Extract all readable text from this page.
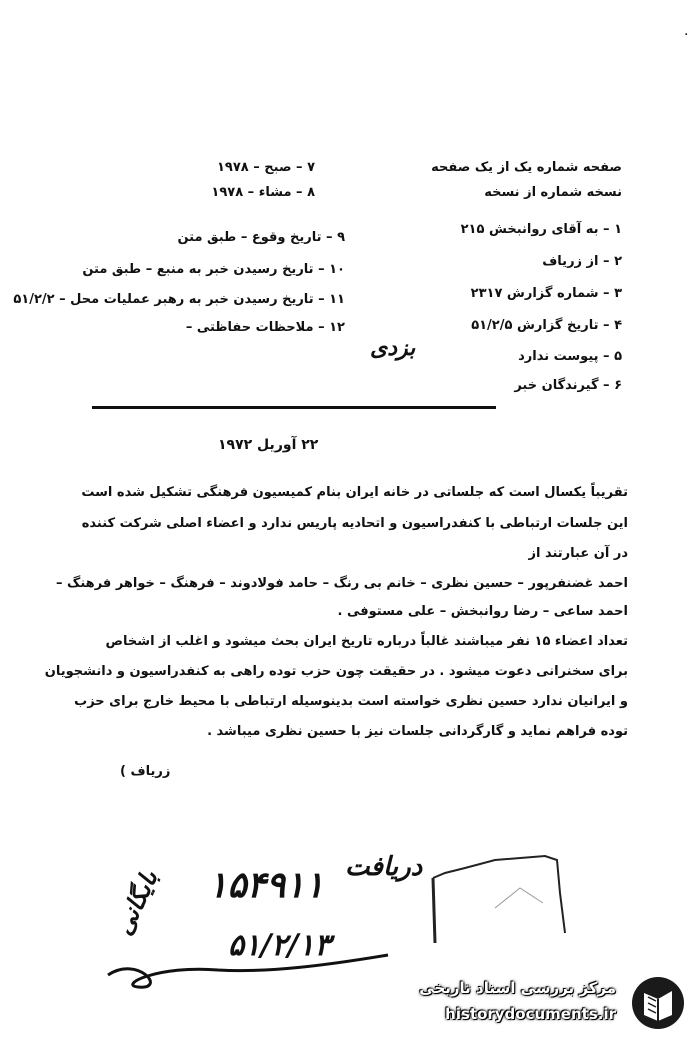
٠
صفحه شماره یک از یک صفحه
نسخه شماره از نسخه
۷ – صبح – ۱۹۷۸
۸ – مشاء – ۱۹۷۸
۱ – به آقای روانبخش ۲۱۵
۲ – از زریاف
۳ – شماره گزارش ۲۳۱۷
۴ – تاریخ گزارش ۵۱/۲/۵
۵ – پیوست ندارد
۶ – گیرندگان خبر
۹ – تاریخ وقوع – طبق متن
۱۰ – تاریخ رسیدن خبر به منبع – طبق متن
۱۱ – تاریخ رسیدن خبر به رهبر عملیات محل – ۵۱/۲/۲
۱۲ – ملاحظات حفاظتی –
بزدی
۲۲ آوریل ۱۹۷۲
تقریباً یکسال است که جلساتی در خانه ایران بنام کمیسیون فرهنگی تشکیل شده است
این جلسات ارتباطی با کنفدراسیون و اتحادیه پاریس ندارد و اعضاء اصلی شرکت کننده
در آن عبارتند از
احمد غضنفرپور – حسین نظری – خانم بی رنگ – حامد فولادوند – فرهنگ – خواهر فرهنگ –
احمد ساعی – رضا روانبخش – علی مستوفی .
تعداد اعضاء ۱۵ نفر میباشند غالباً درباره تاریخ ایران بحث میشود و اغلب از اشخاص
برای سخنرانی دعوت میشود . در حقیقت چون حزب توده راهی به کنفدراسیون و دانشجویان
و ایرانیان ندارد حسین نظری خواسته است بدینوسیله ارتباطی با محیط خارج برای حزب
توده فراهم نماید و گارگردانی جلسات نیز با حسین نظری میباشد .
زریاف )
دریافت
۱۵۴۹۱۱
بایگانی
۵۱/۲/۱۳
مرکز بررسی اسناد تاریخی
historydocuments.ir
